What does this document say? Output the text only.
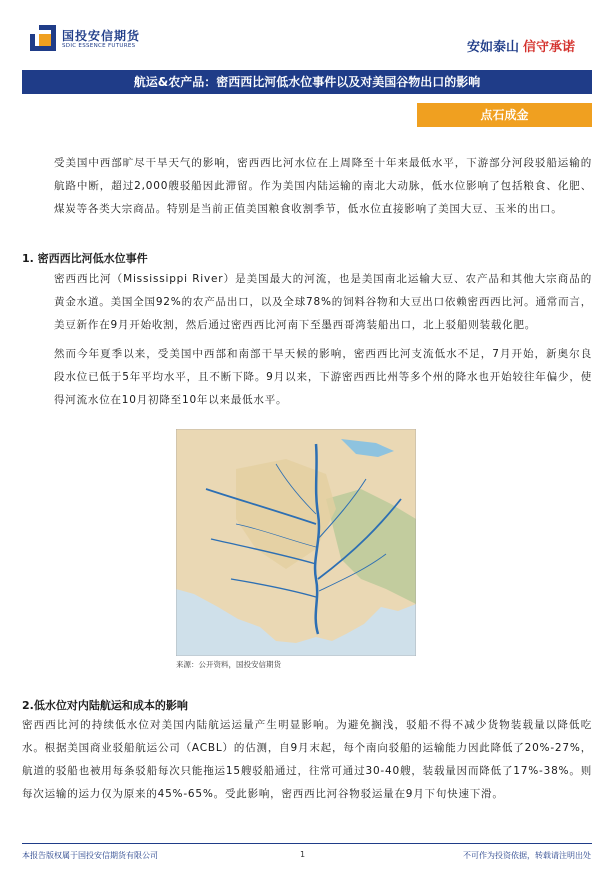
国投安信期货
SDIC ESSENCE FUTURES	安如泰山 信守承诺
航运&农产品：密西西比河低水位事件以及对美国谷物出口的影响
点石成金

受美国中西部旷尽干旱天气的影响，密西西比河水位在上周降至十年来最低水平，下游部分河段驳船运输的航路中断，超过2,000艘驳船因此滞留。作为美国内陆运输的南北大动脉，低水位影响了包括粮食、化肥、煤炭等各类大宗商品。特别是当前正值美国粮食收割季节，低水位直接影响了美国大豆、玉米的出口。

1. 密西西比河低水位事件

密西西比河（Mississippi River）是美国最大的河流，也是美国南北运输大豆、农产品和其他大宗商品的黄金水道。美国全国92%的农产品出口，以及全球78%的饲料谷物和大豆出口依赖密西西比河。通常而言，美豆新作在9月开始收割，然后通过密西西比河南下至墨西哥湾装船出口，北上驳船则装载化肥。

然而今年夏季以来，受美国中西部和南部干旱天候的影响，密西西比河支流低水不足，7月开始，新奥尔良段水位已低于5年平均水平，且不断下降。9月以来，下游密西西比州等多个州的降水也开始较往年偏少，使得河流水位在10月初降至10年以来最低水平。

来源：公开资料，国投安信期货

2.低水位对内陆航运和成本的影响

密西西比河的持续低水位对美国内陆航运运量产生明显影响。为避免搁浅，驳船不得不减少货物装载量以降低吃水。根据美国商业驳船航运公司（ACBL）的估测，自9月末起，每个南向驳船的运输能力因此降低了20%-27%，航道的驳船也被用每条驳船每次只能拖运15艘驳船通过，往常可通过30-40艘，装载量因而降低了17%-38%。则每次运输的运力仅为原来的45%-65%。受此影响，密西西比河谷物驳运量在9月下旬快速下滑。

本报告版权属于国投安信期货有限公司	1	不可作为投资依据，转载请注明出处
